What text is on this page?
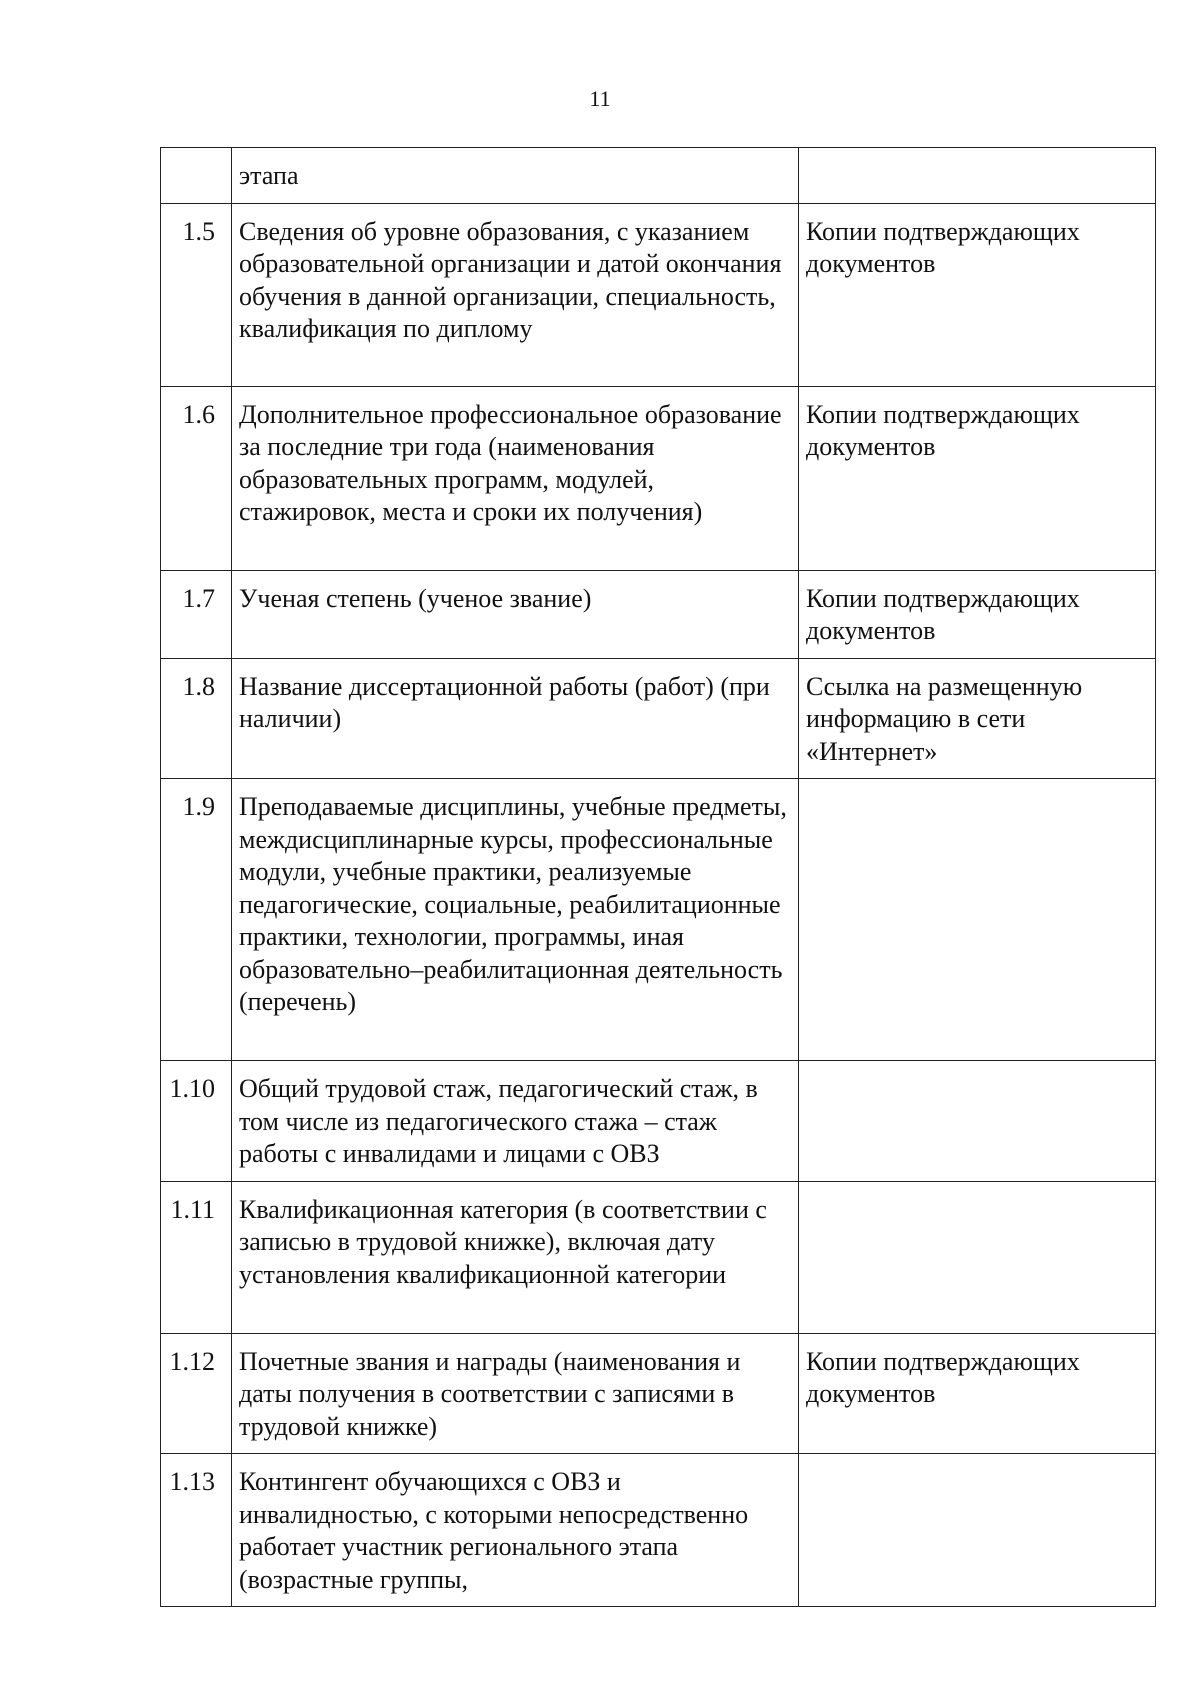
11
	этапа	
1.5	Сведения об уровне образования, с указанием образовательной организации и датой окончания обучения в данной организации, специальность, квалификация по диплому	Копии подтверждающих документов
1.6	Дополнительное профессиональное образование за последние три года (наименования образовательных программ, модулей, стажировок, места и сроки их получения)	Копии подтверждающих документов
1.7	Ученая степень (ученое звание)	Копии подтверждающих документов
1.8	Название диссертационной работы (работ) (при наличии)	Ссылка на размещенную информацию в сети «Интернет»
1.9	Преподаваемые дисциплины, учебные предметы, междисциплинарные курсы, профессиональные модули, учебные практики, реализуемые педагогические, социальные, реабилитационные практики, технологии, программы, иная образовательно–реабилитационная деятельность (перечень)	
1.10	Общий трудовой стаж, педагогический стаж, в том числе из педагогического стажа – стаж работы с инвалидами и лицами с ОВЗ	
1.11	Квалификационная категория (в соответствии с записью в трудовой книжке), включая дату установления квалификационной категории	
1.12	Почетные звания и награды (наименования и даты получения в соответствии с записями в трудовой книжке)	Копии подтверждающих документов
1.13	Контингент обучающихся с ОВЗ и инвалидностью, с которыми непосредственно работает участник регионального этапа (возрастные группы,	
